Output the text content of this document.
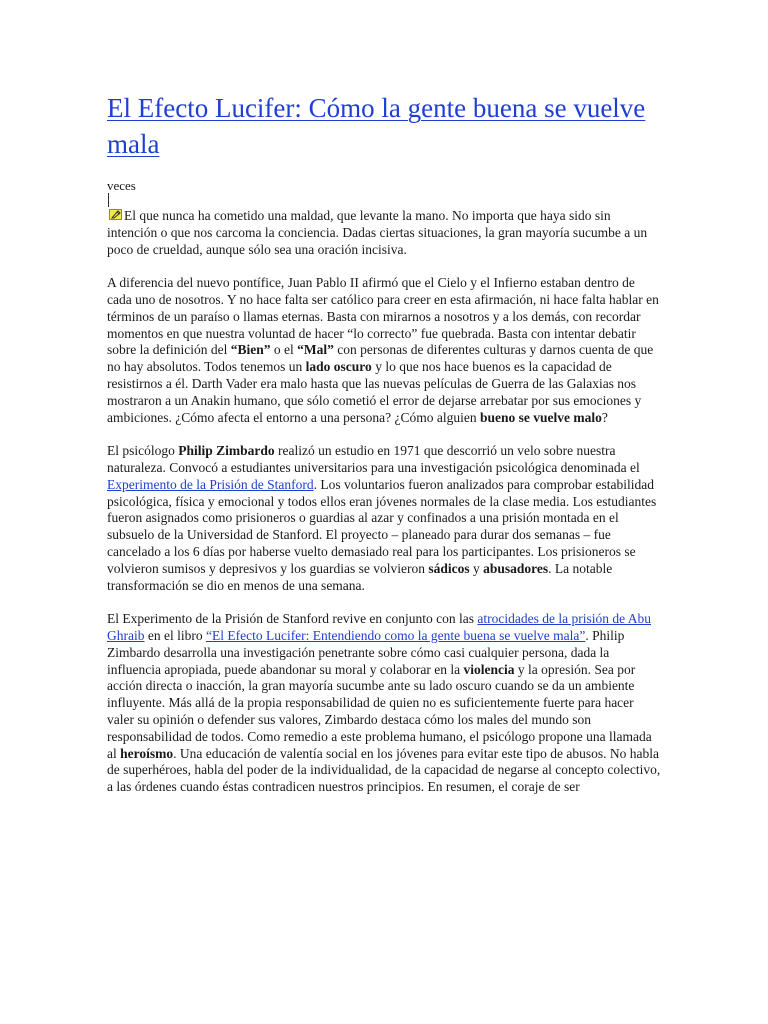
El Efecto Lucifer: Cómo la gente buena se vuelve mala
veces

El que nunca ha cometido una maldad, que levante la mano. No importa que haya sido sin intención o que nos carcoma la conciencia. Dadas ciertas situaciones, la gran mayoría sucumbe a un poco de crueldad, aunque sólo sea una oración incisiva.

A diferencia del nuevo pontífice, Juan Pablo II afirmó que el Cielo y el Infierno estaban dentro de cada uno de nosotros. Y no hace falta ser católico para creer en esta afirmación, ni hace falta hablar en términos de un paraíso o llamas eternas. Basta con mirarnos a nosotros y a los demás, con recordar momentos en que nuestra voluntad de hacer “lo correcto” fue quebrada. Basta con intentar debatir sobre la definición del “Bien” o el “Mal” con personas de diferentes culturas y darnos cuenta de que no hay absolutos. Todos tenemos un lado oscuro y lo que nos hace buenos es la capacidad de resistirnos a él. Darth Vader era malo hasta que las nuevas películas de Guerra de las Galaxias nos mostraron a un Anakin humano, que sólo cometió el error de dejarse arrebatar por sus emociones y ambiciones. ¿Cómo afecta el entorno a una persona? ¿Cómo alguien bueno se vuelve malo?

El psicólogo Philip Zimbardo realizó un estudio en 1971 que descorrió un velo sobre nuestra naturaleza. Convocó a estudiantes universitarios para una investigación psicológica denominada el Experimento de la Prisión de Stanford. Los voluntarios fueron analizados para comprobar estabilidad psicológica, física y emocional y todos ellos eran jóvenes normales de la clase media. Los estudiantes fueron asignados como prisioneros o guardias al azar y confinados a una prisión montada en el subsuelo de la Universidad de Stanford. El proyecto – planeado para durar dos semanas – fue cancelado a los 6 días por haberse vuelto demasiado real para los participantes. Los prisioneros se volvieron sumisos y depresivos y los guardias se volvieron sádicos y abusadores. La notable transformación se dio en menos de una semana.

El Experimento de la Prisión de Stanford revive en conjunto con las atrocidades de la prisión de Abu Ghraib en el libro “El Efecto Lucifer: Entendiendo como la gente buena se vuelve mala”. Philip Zimbardo desarrolla una investigación penetrante sobre cómo casi cualquier persona, dada la influencia apropiada, puede abandonar su moral y colaborar en la violencia y la opresión. Sea por acción directa o inacción, la gran mayoría sucumbe ante su lado oscuro cuando se da un ambiente influyente. Más allá de la propia responsabilidad de quien no es suficientemente fuerte para hacer valer su opinión o defender sus valores, Zimbardo destaca cómo los males del mundo son responsabilidad de todos. Como remedio a este problema humano, el psicólogo propone una llamada al heroísmo. Una educación de valentía social en los jóvenes para evitar este tipo de abusos. No habla de superhéroes, habla del poder de la individualidad, de la capacidad de negarse al concepto colectivo, a las órdenes cuando éstas contradicen nuestros principios. En resumen, el coraje de ser
